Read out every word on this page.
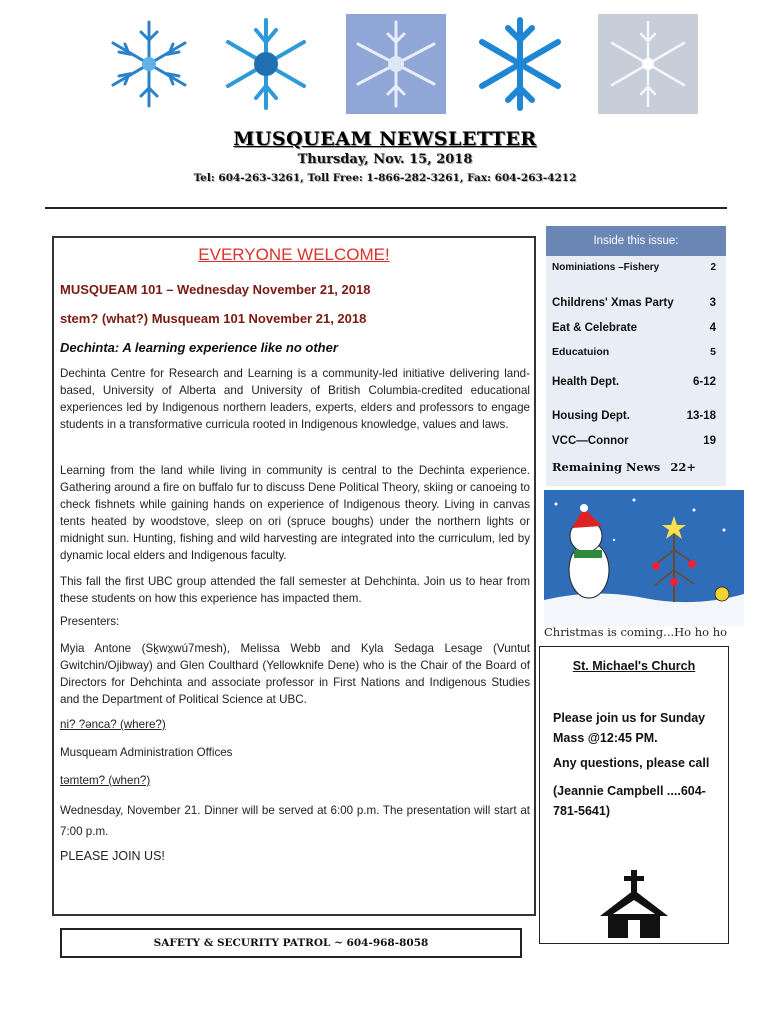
MUSQUEAM NEWSLETTER
Thursday, Nov. 15, 2018
Tel: 604-263-3261, Toll Free: 1-866-282-3261, Fax: 604-263-4212
EVERYONE WELCOME!
MUSQUEAM 101 – Wednesday November 21, 2018
stem? (what?) Musqueam 101 November 21, 2018
Dechinta: A learning experience like no other
Dechinta Centre for Research and Learning is a community-led initiative delivering land-based, University of Alberta and University of British Columbia-credited educational experiences led by Indigenous northern leaders, experts, elders and professors to engage students in a transformative curricula rooted in Indigenous knowledge, values and laws.
Learning from the land while living in community is central to the Dechinta experience. Gathering around a fire on buffalo fur to discuss Dene Political Theory, skiing or canoeing to check fishnets while gaining hands on experience of Indigenous theory. Living in canvas tents heated by woodstove, sleep on ori (spruce boughs) under the northern lights or midnight sun. Hunting, fishing and wild harvesting are integrated into the curriculum, led by dynamic local elders and Indigenous faculty.
This fall the first UBC group attended the fall semester at Dehchinta. Join us to hear from these students on how this experience has impacted them.
Presenters:
Myia Antone (Sḵwx̱wú7mesh), Melissa Webb and Kyla Sedaga Lesage (Vuntut Gwitchin/Ojibway) and Glen Coulthard (Yellowknife Dene) who is the Chair of the Board of Directors for Dehchinta and associate professor in First Nations and Indigenous Studies and the Department of Political Science at UBC.
ni? ?ənca? (where?)
Musqueam Administration Offices
təmtem? (when?)
Wednesday, November 21. Dinner will be served at 6:00 p.m. The presentation will start at 7:00 p.m.
PLEASE JOIN US!
Inside this issue:
Nominiations –Fishery	2
Childrens' Xmas Party	3
Eat & Celebrate	4
Educatuion	5
Health Dept.	6-12
Housing Dept.	13-18
VCC—Connor	19
Remaining News 22+
Christmas is coming...Ho ho ho
St. Michael's Church
Please join us for Sunday Mass @12:45 PM.
Any questions, please call
(Jeannie Campbell ....604-781-5641)
SAFETY & SECURITY PATROL ~ 604-968-8058
